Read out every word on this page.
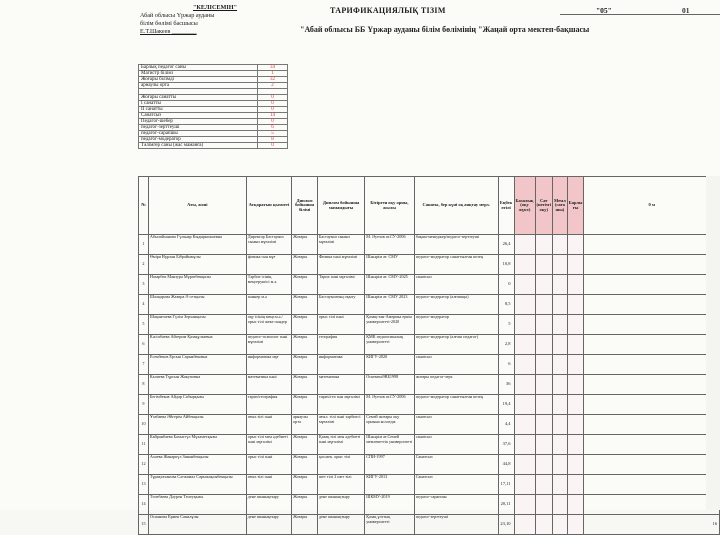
"КЕЛІСЕМІН"
Абай облысы Үржар ауданы
білім бөлімі басшысы
Е.Т.Шакеев ________
ТАРИФИКАЦИЯЛЫҚ ТІЗІМ	"05"	01
"Абай облысы ББ Үржар ауданы білім бөлімінің "Жаңай орта мектеп-бақшасы
Барлық педагог саны	34
Магистр білімі	1
Жоғары білімді	32
арнаулы орта	2

Жоғары санатты	0
I санатты	0
II санатты	0
Санатсыз	14
Педагог-шебер	0
педагог-зерттеуші	6
педагог-сарапшы	5
педагог-модератор	8
Тәлімгер саны (жас маманға)	0
№	Аты, жөні	Атқаратын қызметі	Диплом бойынша білімі	Диплом бойынша мамандығы	Бітірген оқу орны, жылы	Санаты, бер күні оқ аяқтау мерз.	Еңбек өтілі	Базалық (оқу жүкт)	Сағ (негізгі оқу)	Мемл (саға шы)	Барлы ғы	0 м
1	Абылайханова Гүльнар Кыдыркожаевна	Директор Бастауыш сынып мұғалімі	Жоғары	Бастауыш сынып мұғалімі	М. Әуезов ат.СУ-2006	бақша-менеджер/педагог-зерттеуші	26,4					
2	Өміря Нұрлан Бібрайымұлы	физика пән мұғ	Жоғары	Физика пәні мұғалімі	Шәкәрім ат. СМУ	педагог-модератор санаттылған кезең	10,8					
3	Назарбек Манзура Мұратбекқызы	Тәрбие ісінің меңгерушісі м.ә.	Жоғары	Тарих пәні мұғалімі	Шәкәрім ат. СМУ-2025	санатсыз	0					
4	Шалқарова Жазира Ә сетқызы	пәннер м.ә	Жоғары	Бастауыштың оқыту	Шәкәрім ат. СМУ 2023	педагог-модератор (алғашқы)	8,5					
5	Шақантаева Гүлім Зерханқызы	оқу ісінің меңг.м.ә./орыс тілі жеке пәндер	Жоғары	орыс тілі пәні	Қазақстан-Америка еркін университеті-2020	педагог-модератор	5					
6	Кәсіпбаева Айгерим Қазақұлыевна	педагог-психолог пәні мұғалімі	Жоғары	география	ҚМК педагогикалық университеті	педагог-модератор (алғаш педагог)	2,8					
7	Есенбеков Ерсын Сарыкбековна	информатика мұғ	Жоғары	информатика	КИГУ-2020	санатсыз	6					
8	Калиева Тұрсын Жакуповна	математика пәні	Жоғары	математика	ОскеменӘВБ1998	жоғары педагог-зерт.	36					
9	Бегімбеков Айдар Сабырқызы	тарих/география	Жоғары	тарих/гео пән мұғалімі	М. Әуезов ат.СУ-2006	педагог-модератор санаттылған кезең	19,4					
10	Ұзабаева Әйгерім Айбекқызы	ағыл.тілі пәні	арнаулы орта	ағыл. тілі пәні тәрбиесі мұғалімі	Семей жоғары оқу орнына колледж	санатсыз	4,4					
11	Кайранбаева Бахытгүл Мұхаметқызы	орыс тілі мен әдебиеті пәні мұғалімі	Жоғары	Қазақ тілі мен әдебиеті пәні мұғалімі	Шәкәрім ат.Семей мемлекеттік университеті	санатсыз	37,6					
12	Ахаева Жанаркүл Зинанбекқызы	орыс тілі пәні	Жоғары	қаз.мек. орыс тілі	СПИ-1997	Санатсыз	44,8					
13	Тұрақтаханова Сәтжамал Сарыжақсыбекқызы	ағыл.тілі пәні	Жоғары	шет тілі 2 шет тілі	КИГУ-2013	Санатсыз	17,11					
14	Төлебаева Дәурен Төлеуқызы	дене шынықтыру	Жоғары	дене шынықтыру	ШКМУ-2019	педагог-сарапшы	20,11					
15	Оспанова Ермек Самалұлы	дене шынықтыру	Жоғары	дене шынықтыру	Қазақ ұлттық университеті	педагог-зерттеуші	23,10					16
